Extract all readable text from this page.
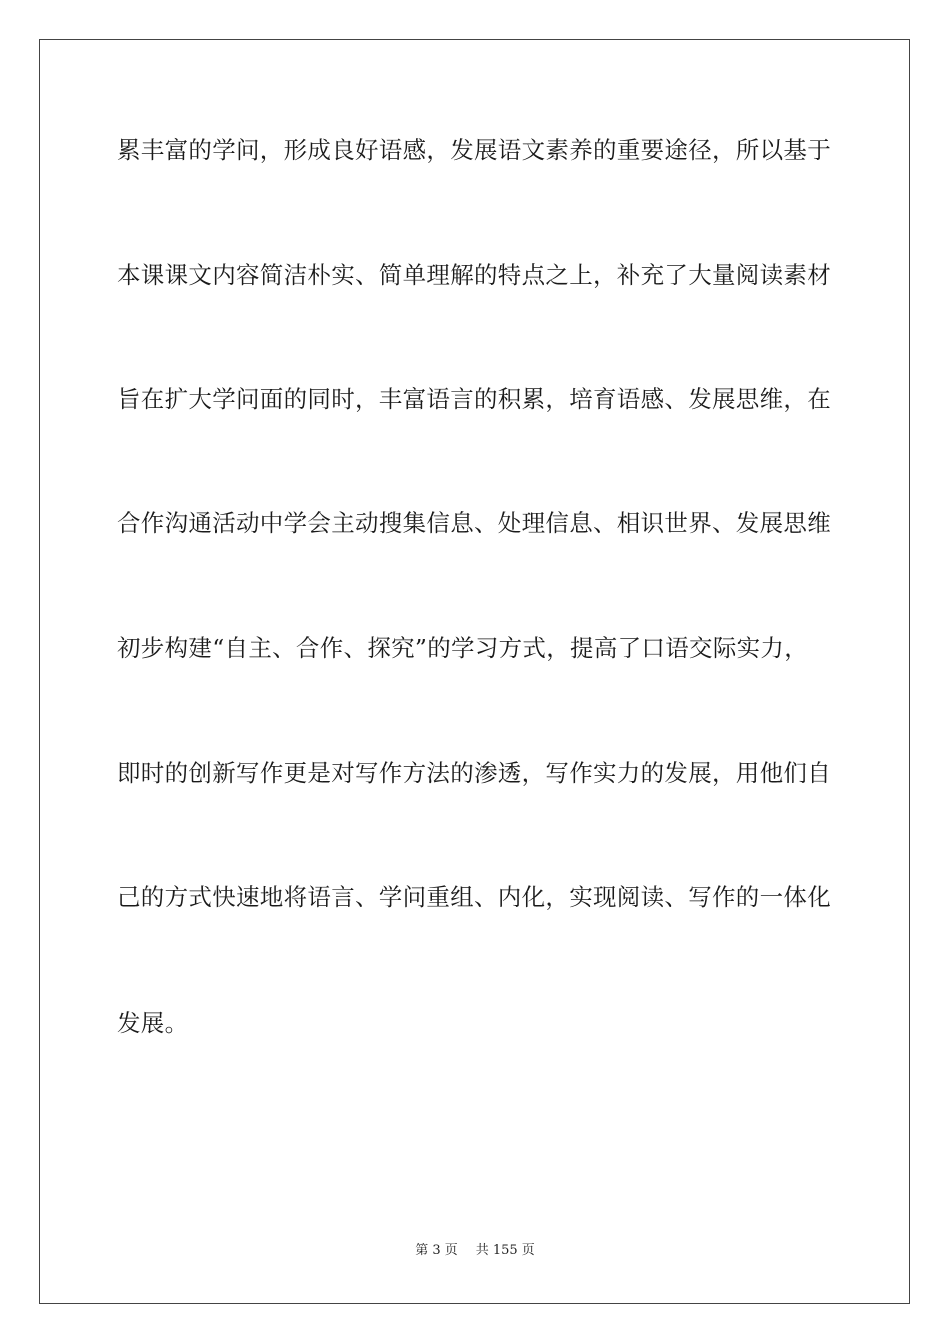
累丰富的学问，形成良好语感，发展语文素养的重要途径，所以基于
本课课文内容简洁朴实、简单理解的特点之上，补充了大量阅读素材
旨在扩大学问面的同时，丰富语言的积累，培育语感、发展思维，在
合作沟通活动中学会主动搜集信息、处理信息、相识世界、发展思维
初步构建“自主、合作、探究”的学习方式，提高了口语交际实力，
即时的创新写作更是对写作方法的渗透，写作实力的发展，用他们自
己的方式快速地将语言、学问重组、内化，实现阅读、写作的一体化
发展。
第 3 页 共 155 页
